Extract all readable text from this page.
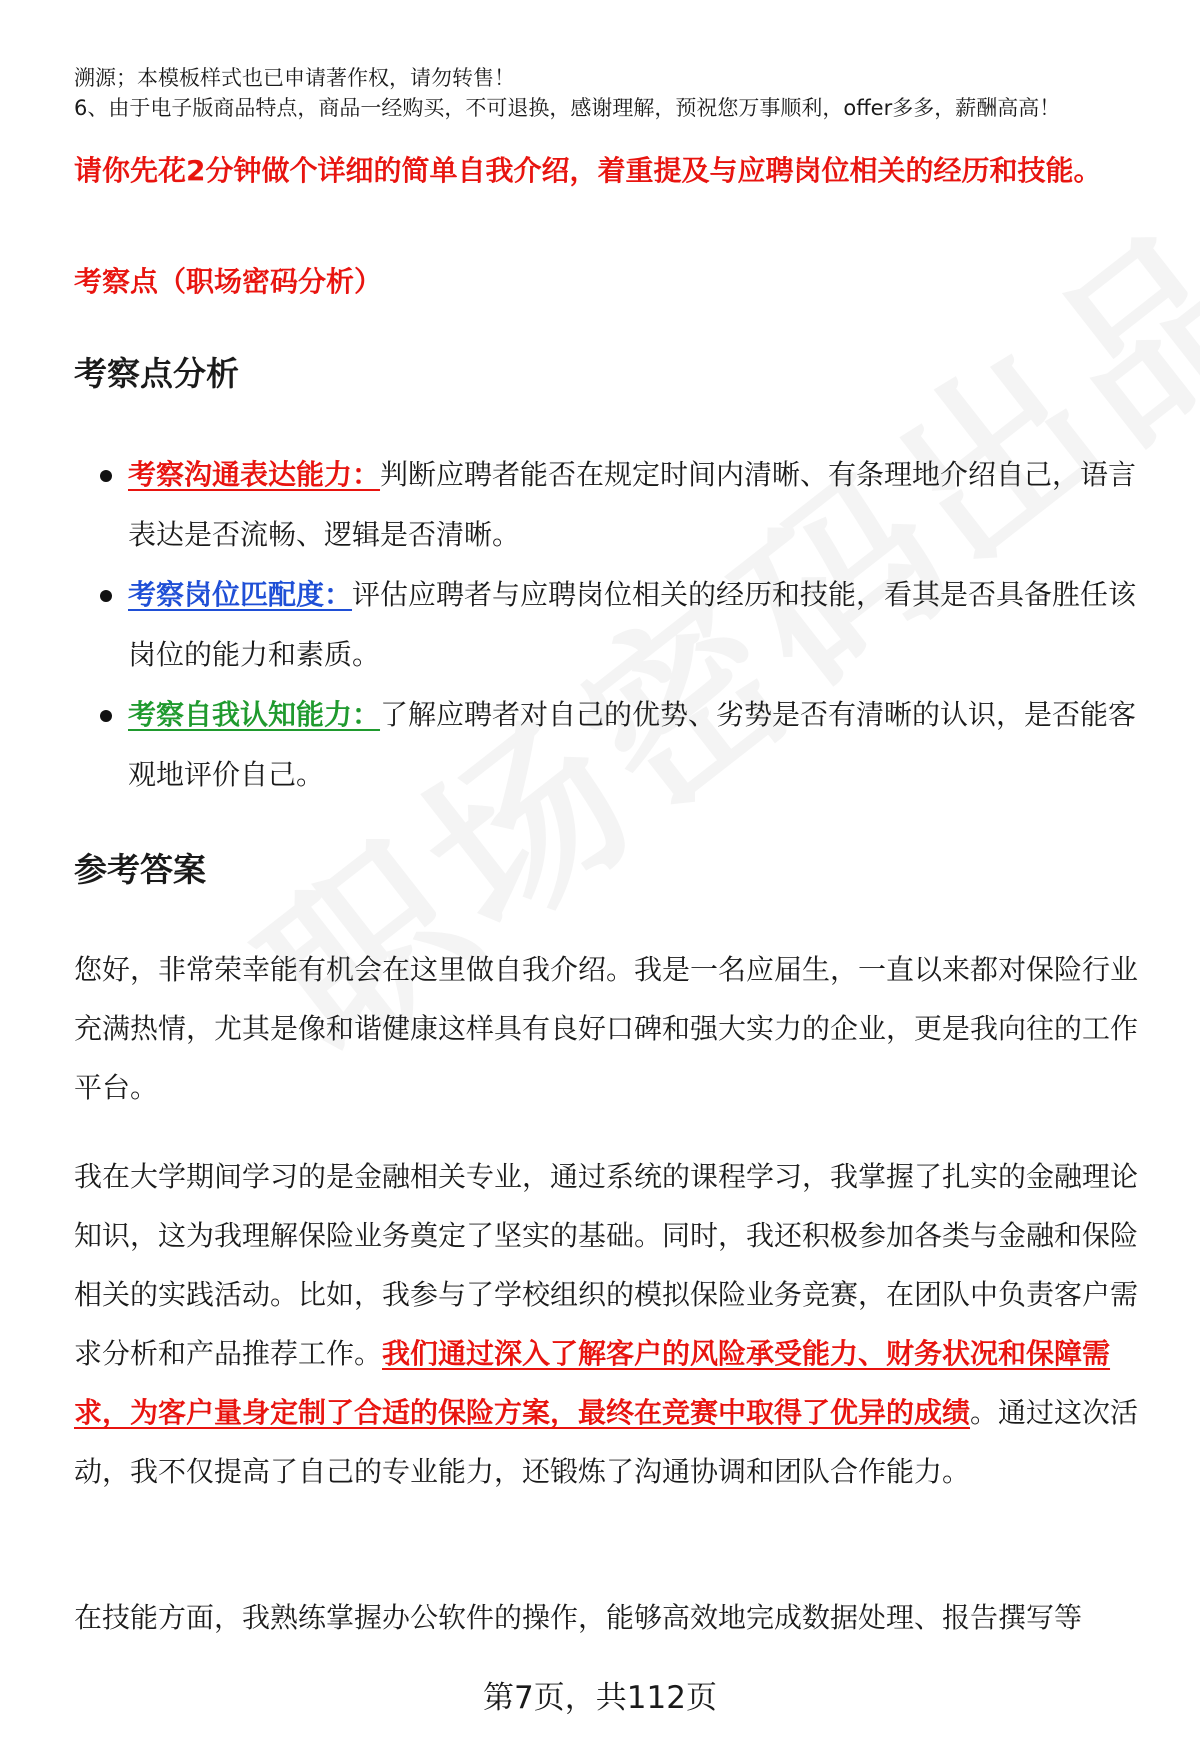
溯源；本模板样式也已申请著作权，请勿转售！
6、由于电子版商品特点，商品一经购买，不可退换，感谢理解，预祝您万事顺利，offer多多，薪酬高高！
请你先花2分钟做个详细的简单自我介绍，着重提及与应聘岗位相关的经历和技能。
考察点（职场密码分析）
考察点分析
考察沟通表达能力：判断应聘者能否在规定时间内清晰、有条理地介绍自己，语言表达是否流畅、逻辑是否清晰。
考察岗位匹配度：评估应聘者与应聘岗位相关的经历和技能，看其是否具备胜任该岗位的能力和素质。
考察自我认知能力：了解应聘者对自己的优势、劣势是否有清晰的认识，是否能客观地评价自己。
参考答案

您好，非常荣幸能有机会在这里做自我介绍。我是一名应届生，一直以来都对保险行业充满热情，尤其是像和谐健康这样具有良好口碑和强大实力的企业，更是我向往的工作平台。

我在大学期间学习的是金融相关专业，通过系统的课程学习，我掌握了扎实的金融理论知识，这为我理解保险业务奠定了坚实的基础。同时，我还积极参加各类与金融和保险相关的实践活动。比如，我参与了学校组织的模拟保险业务竞赛，在团队中负责客户需求分析和产品推荐工作。我们通过深入了解客户的风险承受能力、财务状况和保障需求，为客户量身定制了合适的保险方案，最终在竞赛中取得了优异的成绩。通过这次活动，我不仅提高了自己的专业能力，还锻炼了沟通协调和团队合作能力。

在技能方面，我熟练掌握办公软件的操作，能够高效地完成数据处理、报告撰写等

第7页，共112页
